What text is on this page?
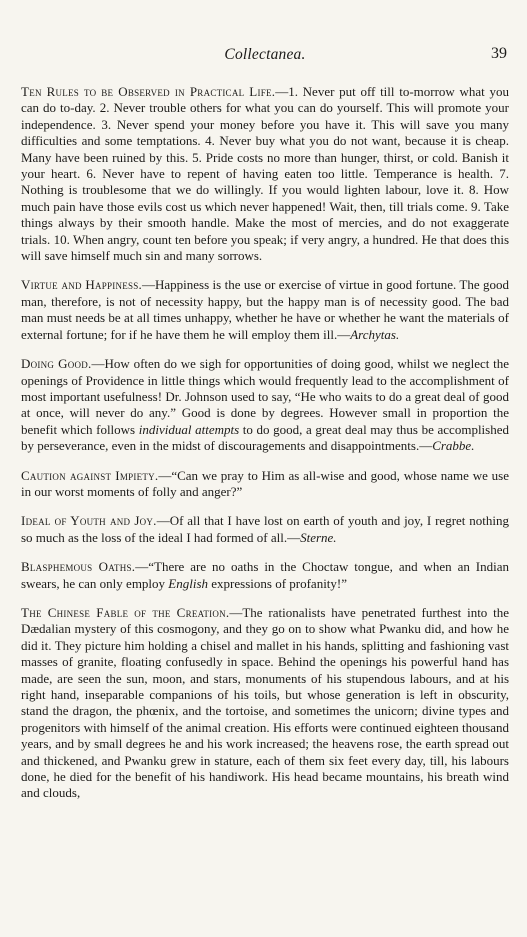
Collectanea.	39

Ten Rules to be Observed in Practical Life.—1. Never put off till to-morrow what you can do to-day. 2. Never trouble others for what you can do yourself. This will promote your independence. 3. Never spend your money before you have it. This will save you many difficulties and some temptations. 4. Never buy what you do not want, because it is cheap. Many have been ruined by this. 5. Pride costs no more than hunger, thirst, or cold. Banish it your heart. 6. Never have to repent of having eaten too little. Temperance is health. 7. Nothing is troublesome that we do willingly. If you would lighten labour, love it. 8. How much pain have those evils cost us which never happened! Wait, then, till trials come. 9. Take things always by their smooth handle. Make the most of mercies, and do not exaggerate trials. 10. When angry, count ten before you speak; if very angry, a hundred. He that does this will save himself much sin and many sorrows.

Virtue and Happiness.—Happiness is the use or exercise of virtue in good fortune. The good man, therefore, is not of necessity happy, but the happy man is of necessity good. The bad man must needs be at all times unhappy, whether he have or whether he want the materials of external fortune; for if he have them he will employ them ill.—Archytas.

Doing Good.—How often do we sigh for opportunities of doing good, whilst we neglect the openings of Providence in little things which would frequently lead to the accomplishment of most important usefulness! Dr. Johnson used to say, “He who waits to do a great deal of good at once, will never do any.” Good is done by degrees. However small in proportion the benefit which follows individual attempts to do good, a great deal may thus be accomplished by perseverance, even in the midst of discouragements and disappointments.—Crabbe.

Caution against Impiety.—“Can we pray to Him as all-wise and good, whose name we use in our worst moments of folly and anger?”

Ideal of Youth and Joy.—Of all that I have lost on earth of youth and joy, I regret nothing so much as the loss of the ideal I had formed of all.—Sterne.

Blasphemous Oaths.—“There are no oaths in the Choctaw tongue, and when an Indian swears, he can only employ English expressions of profanity!”

The Chinese Fable of the Creation.—The rationalists have penetrated furthest into the Dædalian mystery of this cosmogony, and they go on to show what Pwanku did, and how he did it. They picture him holding a chisel and mallet in his hands, splitting and fashioning vast masses of granite, floating confusedly in space. Behind the openings his powerful hand has made, are seen the sun, moon, and stars, monuments of his stupendous labours, and at his right hand, inseparable companions of his toils, but whose generation is left in obscurity, stand the dragon, the phœnix, and the tortoise, and sometimes the unicorn; divine types and progenitors with himself of the animal creation. His efforts were continued eighteen thousand years, and by small degrees he and his work increased; the heavens rose, the earth spread out and thickened, and Pwanku grew in stature, each of them six feet every day, till, his labours done, he died for the benefit of his handiwork. His head became mountains, his breath wind and clouds,
